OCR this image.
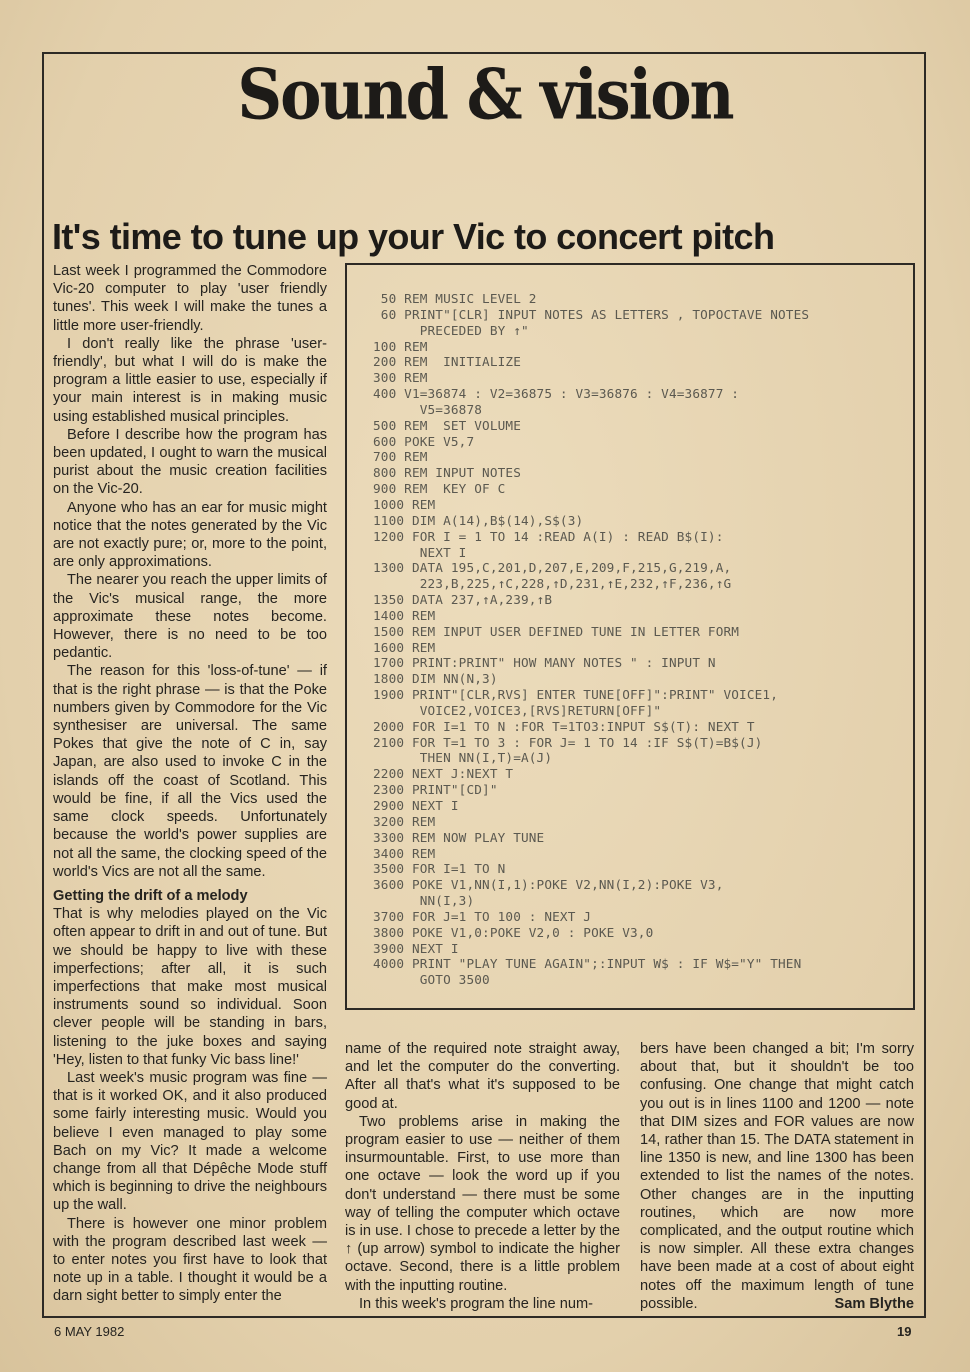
Sound & vision
It's time to tune up your Vic to concert pitch

Last week I programmed the Commodore Vic-20 computer to play 'user friendly tunes'. This week I will make the tunes a little more user-friendly.

I don't really like the phrase 'user-friendly', but what I will do is make the program a little easier to use, especially if your main interest is in making music using established musical principles.

Before I describe how the program has been updated, I ought to warn the musical purist about the music creation facilities on the Vic-20.

Anyone who has an ear for music might notice that the notes generated by the Vic are not exactly pure; or, more to the point, are only approximations.

The nearer you reach the upper limits of the Vic's musical range, the more approximate these notes become. However, there is no need to be too pedantic.

The reason for this 'loss-of-tune' — if that is the right phrase — is that the Poke numbers given by Commodore for the Vic synthesiser are universal. The same Pokes that give the note of C in, say Japan, are also used to invoke C in the islands off the coast of Scotland. This would be fine, if all the Vics used the same clock speeds. Unfortunately because the world's power supplies are not all the same, the clocking speed of the world's Vics are not all the same.

Getting the drift of a melody

That is why melodies played on the Vic often appear to drift in and out of tune. But we should be happy to live with these imperfections; after all, it is such imperfections that make most musical instruments sound so individual. Soon clever people will be standing in bars, listening to the juke boxes and saying 'Hey, listen to that funky Vic bass line!'

Last week's music program was fine — that is it worked OK, and it also produced some fairly interesting music. Would you believe I even managed to play some Bach on my Vic? It made a welcome change from all that Dépêche Mode stuff which is beginning to drive the neighbours up the wall.

There is however one minor problem with the program described last week — to enter notes you first have to look that note up in a table. I thought it would be a darn sight better to simply enter the

50 REM MUSIC LEVEL 2
60 PRINT"[CLR] INPUT NOTES AS LETTERS , TOPOCTAVE NOTES
PRECEDED BY ↑"
100 REM
200 REM  INITIALIZE
300 REM
400 V1=36874 : V2=36875 : V3=36876 : V4=36877 :
V5=36878
500 REM  SET VOLUME
600 POKE V5,7
700 REM
800 REM INPUT NOTES
900 REM  KEY OF C
1000 REM
1100 DIM A(14),B$(14),S$(3)
1200 FOR I = 1 TO 14 :READ A(I) : READ B$(I):
NEXT I
1300 DATA 195,C,201,D,207,E,209,F,215,G,219,A,
223,B,225,↑C,228,↑D,231,↑E,232,↑F,236,↑G
1350 DATA 237,↑A,239,↑B
1400 REM
1500 REM INPUT USER DEFINED TUNE IN LETTER FORM
1600 REM
1700 PRINT:PRINT" HOW MANY NOTES " : INPUT N
1800 DIM NN(N,3)
1900 PRINT"[CLR,RVS] ENTER TUNE[OFF]":PRINT" VOICE1,
VOICE2,VOICE3,[RVS]RETURN[OFF]"
2000 FOR I=1 TO N :FOR T=1TO3:INPUT S$(T): NEXT T
2100 FOR T=1 TO 3 : FOR J= 1 TO 14 :IF S$(T)=B$(J)
THEN NN(I,T)=A(J)
2200 NEXT J:NEXT T
2300 PRINT"[CD]"
2900 NEXT I
3200 REM
3300 REM NOW PLAY TUNE
3400 REM
3500 FOR I=1 TO N
3600 POKE V1,NN(I,1):POKE V2,NN(I,2):POKE V3,
NN(I,3)
3700 FOR J=1 TO 100 : NEXT J
3800 POKE V1,0:POKE V2,0 : POKE V3,0
3900 NEXT I
4000 PRINT "PLAY TUNE AGAIN";:INPUT W$ : IF W$="Y" THEN
GOTO 3500

name of the required note straight away, and let the computer do the converting. After all that's what it's supposed to be good at.

Two problems arise in making the program easier to use — neither of them insurmountable. First, to use more than one octave — look the word up if you don't understand — there must be some way of telling the computer which octave is in use. I chose to precede a letter by the ↑ (up arrow) symbol to indicate the higher octave. Second, there is a little problem with the inputting routine.

In this week's program the line num-

bers have been changed a bit; I'm sorry about that, but it shouldn't be too confusing. One change that might catch you out is in lines 1100 and 1200 — note that DIM sizes and FOR values are now 14, rather than 15. The DATA statement in line 1350 is new, and line 1300 has been extended to list the names of the notes. Other changes are in the inputting routines, which are now more complicated, and the output routine which is now simpler. All these extra changes have been made at a cost of about eight notes off the maximum length of tune possible.	Sam Blythe

6 MAY 1982	19
